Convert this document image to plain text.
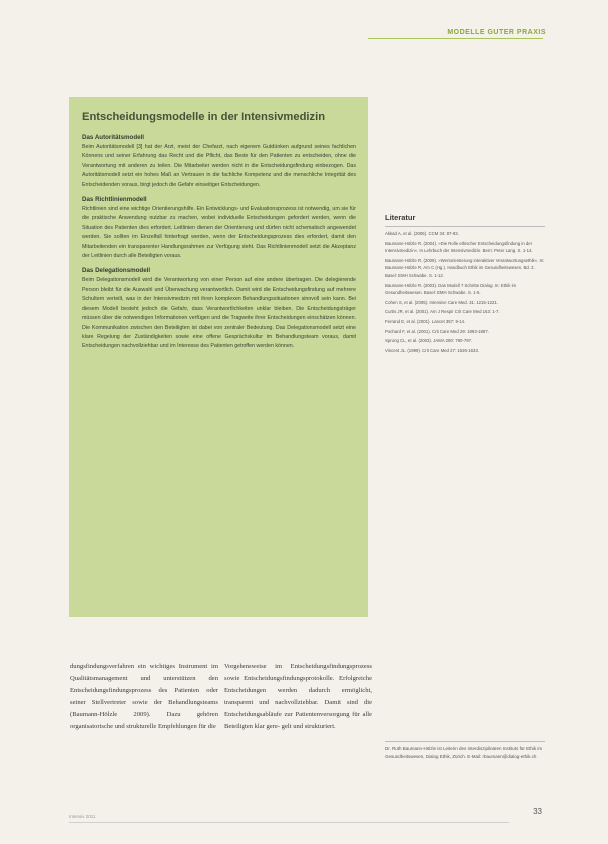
MODELLE GUTER PRAXIS
Entscheidungsmodelle in der Intensivmedizin
Das Autoritätsmodell

Beim Autoritätsmodell [3] hat der Arzt, meist der Chefarzt, nach eigenem Gutdünken aufgrund seines fachlichen Könnens und seiner Erfahrung das Recht und die Pflicht, das Beste für den Patienten zu entscheiden, ohne die Verantwortung mit anderen zu teilen. Die Mitarbeiter werden nicht in die Entscheidungsfindung einbezogen. Das Autoritätsmodell setzt ein hohes Maß an Vertrauen in die fachliche Kompetenz und die menschliche Integrität des Entscheidenden voraus, birgt jedoch die Gefahr einseitiger Entscheidungen.

Das Richtlinienmodell

Richtlinien sind eine wichtige Orientierungshilfe. Ein Entwicklungs- und Evaluationsprozess ist notwendig, um sie für die praktische Anwendung nutzbar zu machen, wobei individuelle Entscheidungen gefordert werden, wenn die Situation des Patienten dies erfordert. Leitlinien dienen der Orientierung und dürfen nicht schematisch angewendet werden. Sie sollten im Einzelfall hinterfragt werden, wenn der Entscheidungsprozess dies erfordert, damit den Mitarbeitenden ein transparenter Handlungsrahmen zur Verfügung steht. Das Richtlinienmodell setzt die Akzeptanz der Leitlinien durch alle Beteiligten voraus.

Das Delegationsmodell

Beim Delegationsmodell wird die Verantwortung von einer Person auf eine andere übertragen. Die delegierende Person bleibt für die Auswahl und Überwachung verantwortlich. Damit wird die Entscheidungsfindung auf mehrere Schultern verteilt, was in der Intensivmedizin mit ihren komplexen Behandlungssituationen sinnvoll sein kann. Bei diesem Modell besteht jedoch die Gefahr, dass Verantwortlichkeiten unklar bleiben. Die Entscheidungsträger müssen über die notwendigen Informationen verfügen und die Tragweite ihrer Entscheidungen einschätzen können. Die Kommunikation zwischen den Beteiligten ist dabei von zentraler Bedeutung. Das Delegationsmodell setzt eine klare Regelung der Zuständigkeiten sowie eine offene Gesprächskultur im Behandlungsteam voraus, damit Entscheidungen nachvollziehbar und im Interesse des Patienten getroffen werden können.

Literatur

Akkad A, et al. (2006). CCM 34: 87-93.

Baumann-Hölzle R. (2004). »Die Rolle ethischer Entscheidungsfindung in der Intensivmedizin«. In Lehrbuch der Intensivmedizin. Bern: Peter Lang. S. 1-14.

Baumann-Hölzle R. (2009). »Wertorientierung interaktiver Verantwortungsethik«. In: Baumann-Hölzle R, Arn C (Hg.). Handbuch Ethik im Gesundheitswesen. Bd. 2. Basel: EMH Schwabe. S. 1-12.

Baumann-Hölzle R. (2003). Das Modell 7 Schritte Dialog. In: Ethik im Gesundheitswesen. Basel: EMH Schwabe. S. 1-5.

Cohen S, et al. (2005). Intensive Care Med. 31: 1215-1221.

Curtis JR, et al. (2001). Am J Respir Crit Care Med 163: 1-7.

Ferrand E, et al. (2001). Lancet 357: 9-14.

Pochard F, et al. (2001). Crit Care Med 29: 1893-1897.

Sprung CL, et al. (2003). JAMA 290: 790-797.

Vincent JL. (1999). Crit Care Med 27: 1626-1633.

dungsfindungsverfahren ein wichtiges Instrument im Qualitätsmanagement und unterstützen den Entscheidungsfindungsprozess des Patienten oder seiner Stellvertreter sowie der Behandlungsteams (Baumann-Hölzle 2009). Dazu gehören organisatorische und strukturelle Empfehlungen für die

Vorgehensweise im Entscheidungsfindungsprozess sowie Entscheidungsfindungsprotokolle. Erfolgreiche Entscheidungen werden dadurch ermöglicht, transparent und nachvollziehbar. Damit sind die Entscheidungsabläufe zur Patientenversorgung für alle Beteiligten klar gere- gelt und strukturiert.

Dr. Ruth Baumann-Hölzle ist Leiterin des Interdisziplinären Instituts für Ethik im Gesundheitswesen, Dialog Ethik, Zürich. E-Mail: rbaumann@dialog-ethik.ch

Intensiv 2011
33
